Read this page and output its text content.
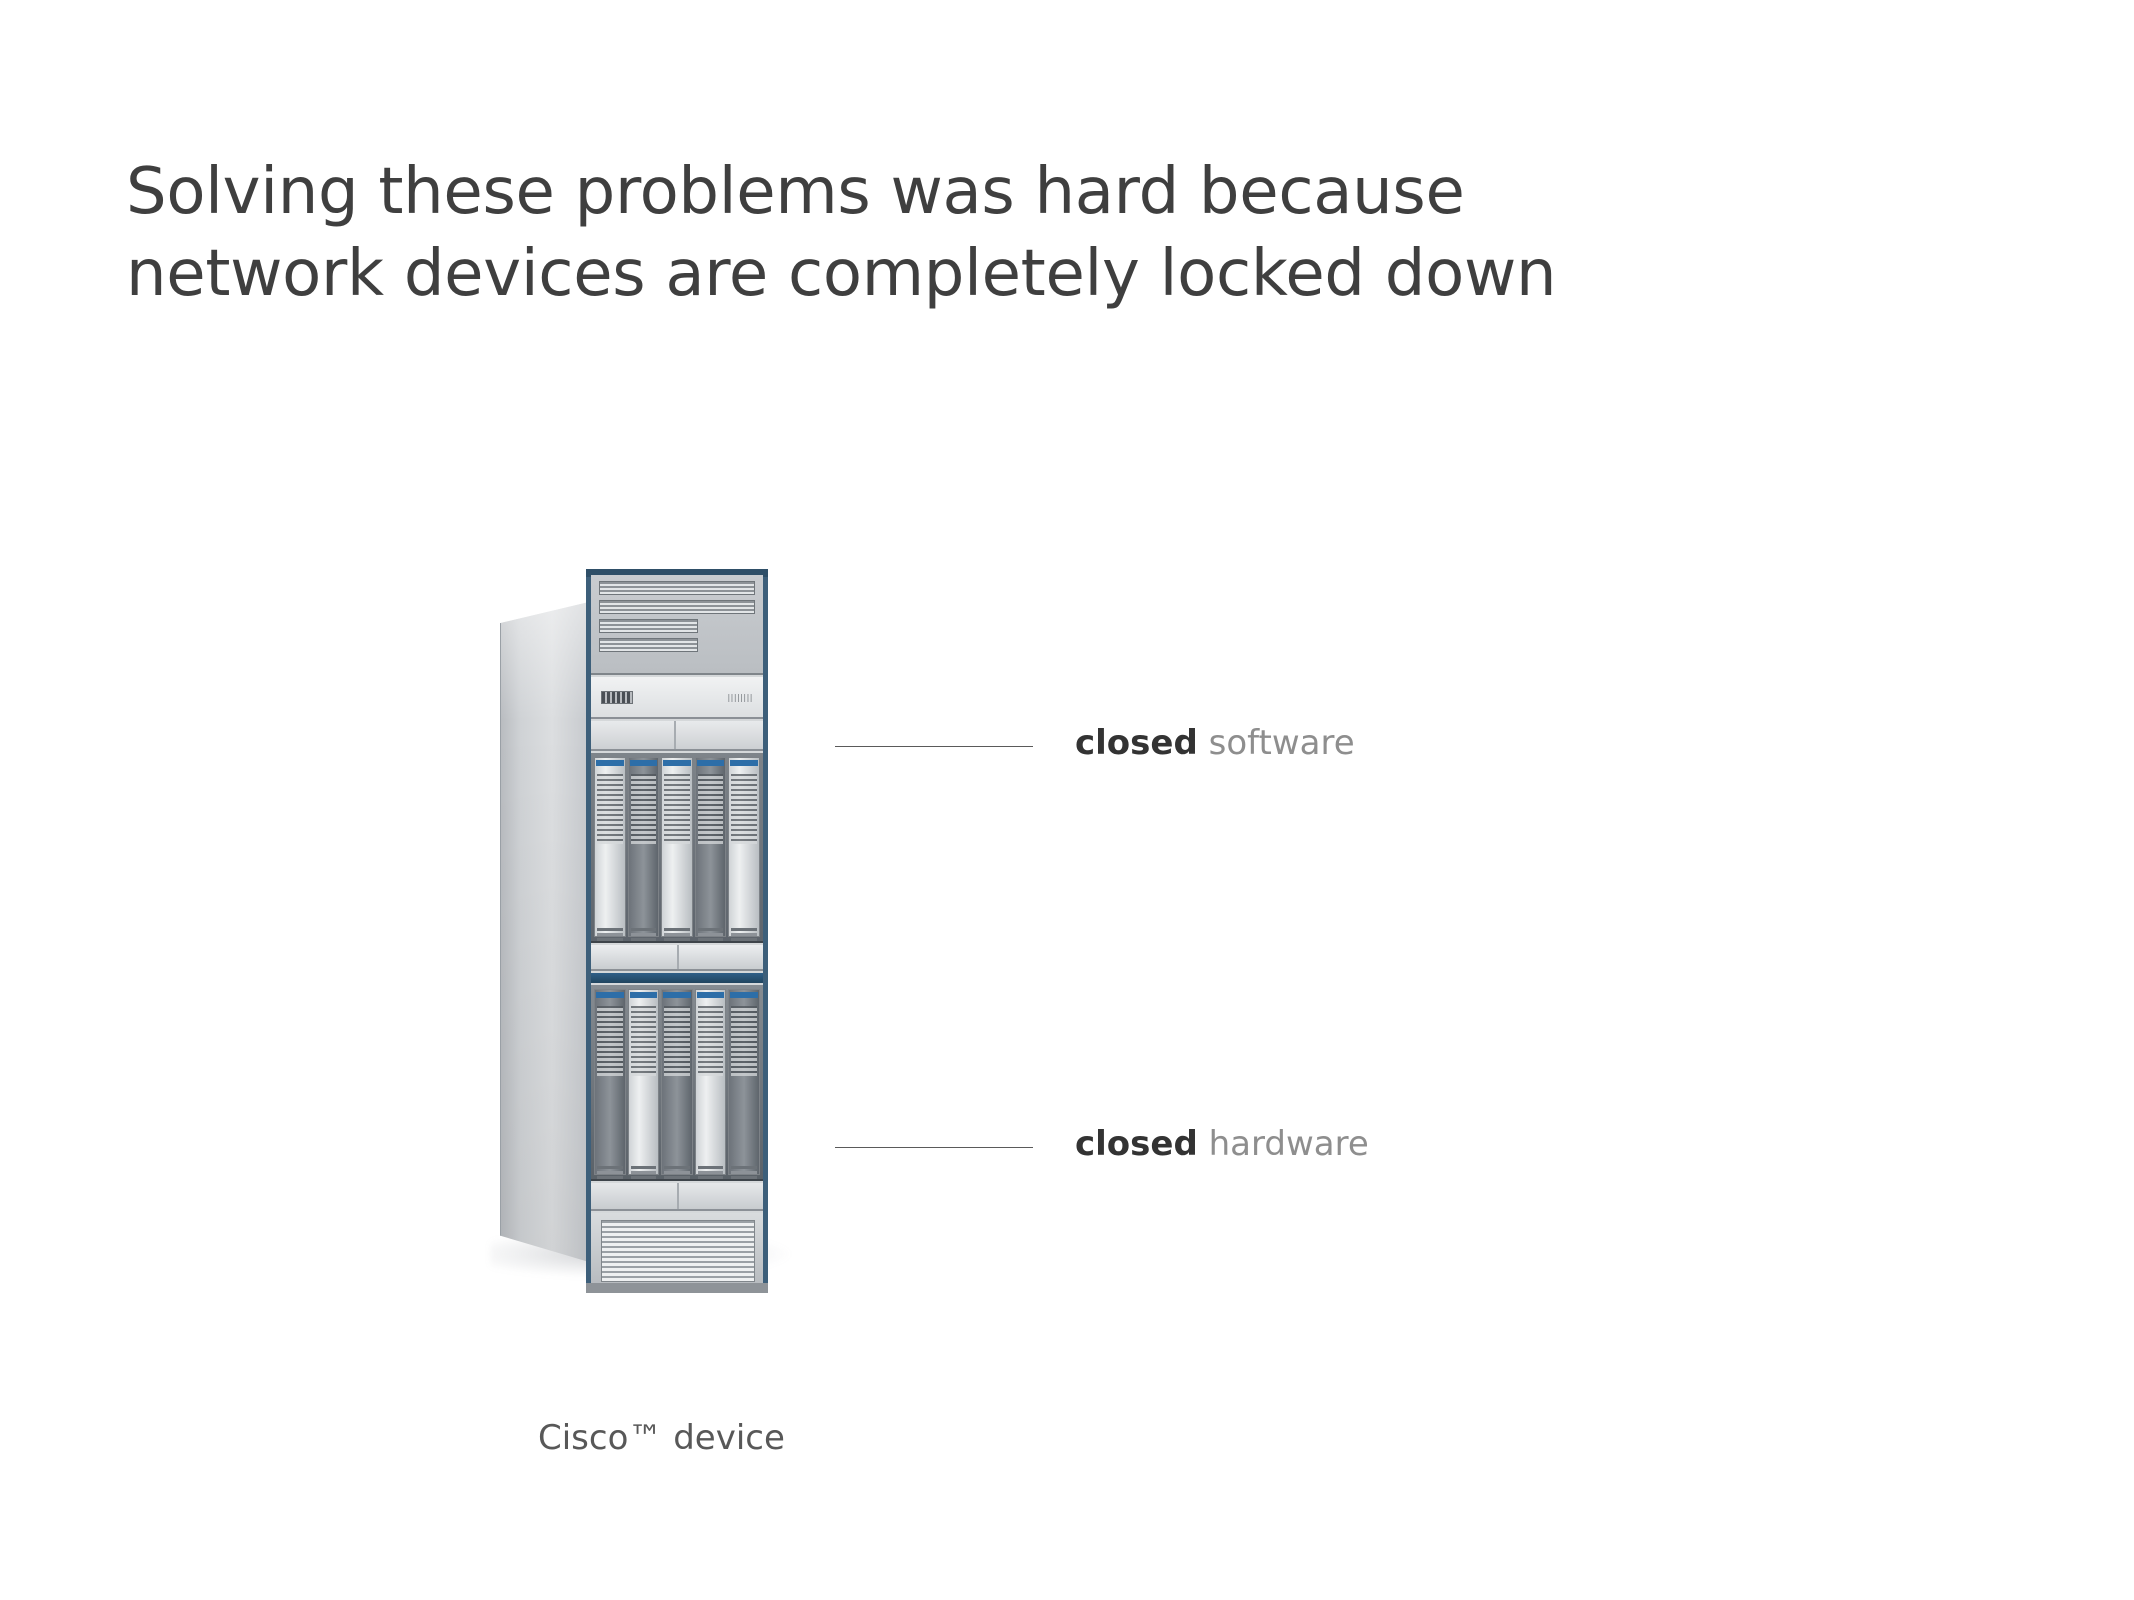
Solving these problems was hard because
network devices are completely locked down
||||||||
closed software
closed hardware
Cisco™ device
